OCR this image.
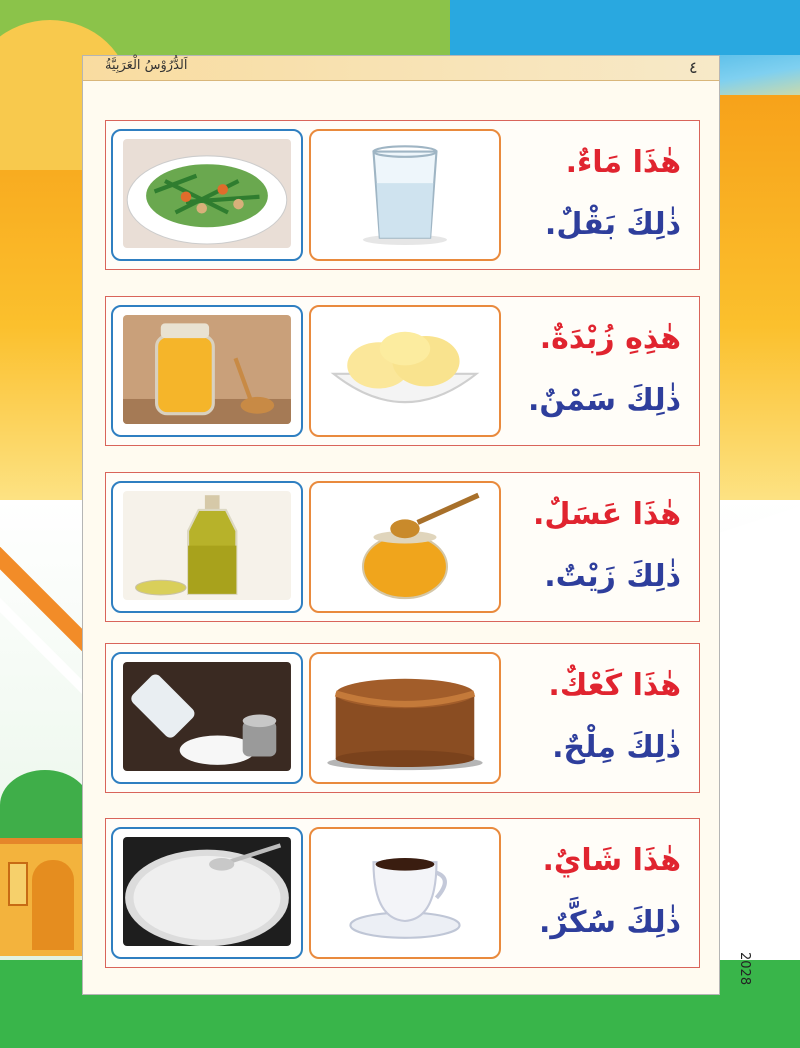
اَلدُّرُوْسُ الْعَرَبِيَّةُ	٤
هٰذَا مَاءٌ.
ذٰلِكَ بَقْلٌ.
هٰذِهِ زُبْدَةٌ.
ذٰلِكَ سَمْنٌ.
هٰذَا عَسَلٌ.
ذٰلِكَ زَيْتٌ.
هٰذَا كَعْكٌ.
ذٰلِكَ مِلْحٌ.
هٰذَا شَايٌ.
ذٰلِكَ سُكَّرٌ.
2028
